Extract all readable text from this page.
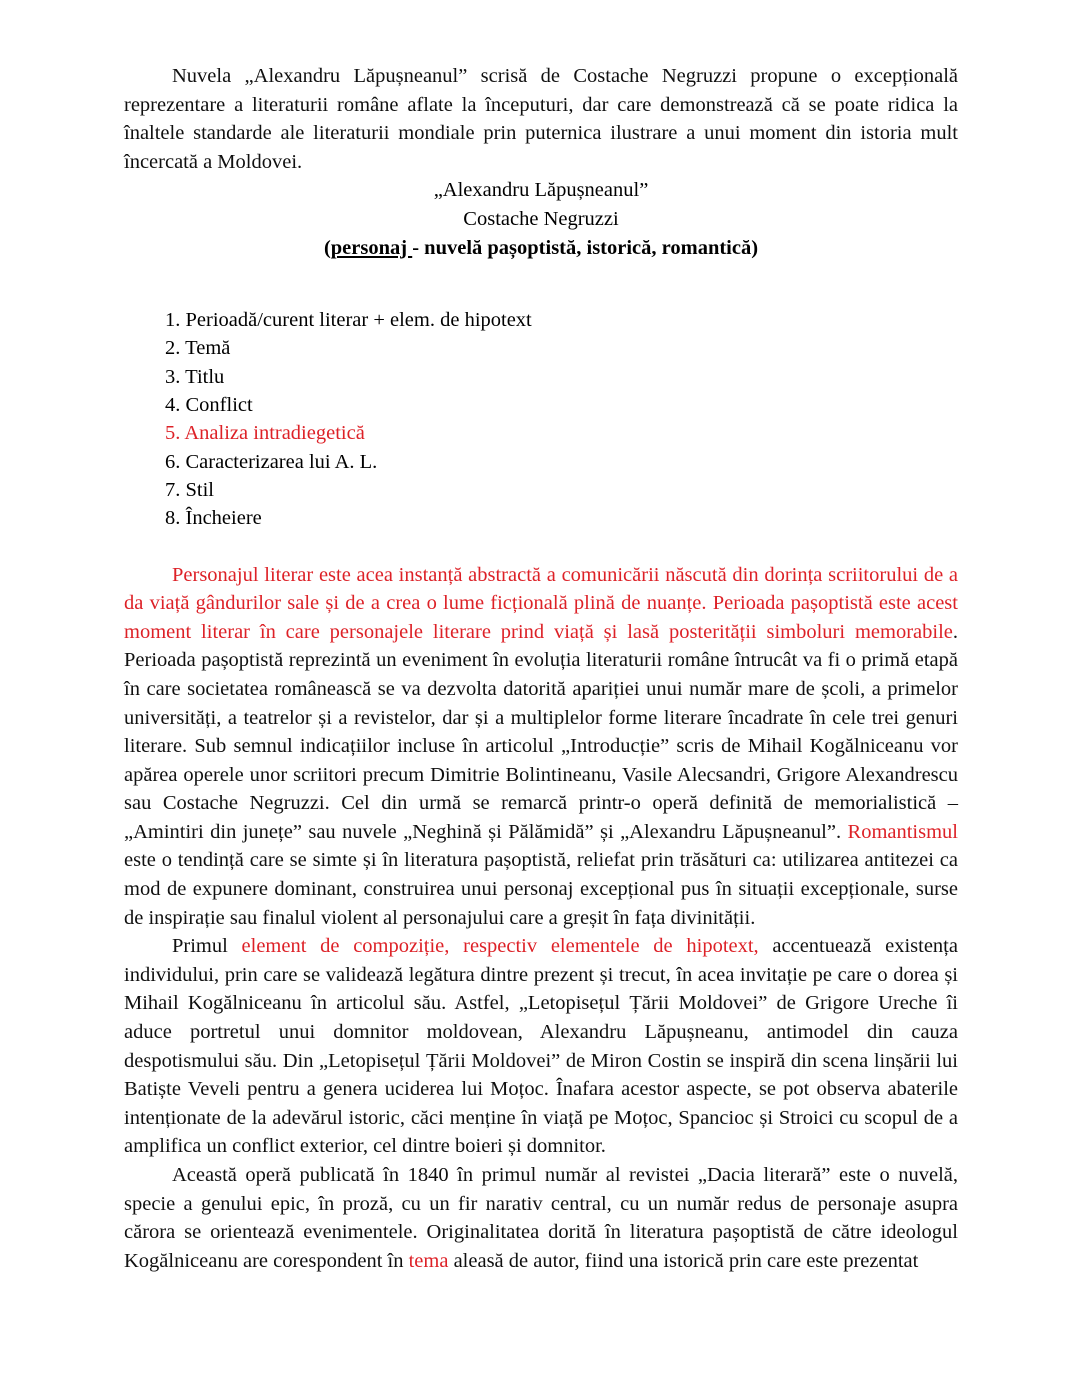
Nuvela „Alexandru Lăpușneanul” scrisă de Costache Negruzzi propune o excepțională reprezentare a literaturii române aflate la începuturi, dar care demonstrează că se poate ridica la înaltele standarde ale literaturii mondiale prin puternica ilustrare a unui moment din istoria mult încercată a Moldovei.

„Alexandru Lăpușneanul”
Costache Negruzzi
(personaj - nuvelă pașoptistă, istorică, romantică)
1. Perioadă/curent literar + elem. de hipotext
2. Temă
3. Titlu
4. Conflict
5. Analiza intradiegetică
6. Caracterizarea lui A. L.
7. Stil
8. Încheiere

Personajul literar este acea instanță abstractă a comunicării născută din dorința scriitorului de a da viață gândurilor sale și de a crea o lume ficțională plină de nuanțe. Perioada pașoptistă este acest moment literar în care personajele literare prind viață și lasă posterității simboluri memorabile. Perioada pașoptistă reprezintă un eveniment în evoluția literaturii române întrucât va fi o primă etapă în care societatea românească se va dezvolta datorită apariției unui număr mare de școli, a primelor universități, a teatrelor și a revistelor, dar și a multiplelor forme literare încadrate în cele trei genuri literare. Sub semnul indicațiilor incluse în articolul „Introducție” scris de Mihail Kogălniceanu vor apărea operele unor scriitori precum Dimitrie Bolintineanu, Vasile Alecsandri, Grigore Alexandrescu sau Costache Negruzzi. Cel din urmă se remarcă printr-o operă definită de memorialistică – „Amintiri din junețe” sau nuvele „Neghină și Pălămidă” și „Alexandru Lăpușneanul”. Romantismul este o tendință care se simte și în literatura pașoptistă, reliefat prin trăsături ca: utilizarea antitezei ca mod de expunere dominant, construirea unui personaj excepțional pus în situații excepționale, surse de inspirație sau finalul violent al personajului care a greșit în fața divinității.

Primul element de compoziție, respectiv elementele de hipotext, accentuează existența individului, prin care se validează legătura dintre prezent și trecut, în acea invitație pe care o dorea și Mihail Kogălniceanu în articolul său. Astfel, „Letopisețul Țării Moldovei” de Grigore Ureche îi aduce portretul unui domnitor moldovean, Alexandru Lăpușneanu, antimodel din cauza despotismului său. Din „Letopisețul Țării Moldovei” de Miron Costin se inspiră din scena linșării lui Batiște Veveli pentru a genera uciderea lui Moțoc. Înafara acestor aspecte, se pot observa abaterile intenționate de la adevărul istoric, căci menține în viață pe Moțoc, Spancioc și Stroici cu scopul de a amplifica un conflict exterior, cel dintre boieri și domnitor.

Această operă publicată în 1840 în primul număr al revistei „Dacia literară” este o nuvelă, specie a genului epic, în proză, cu un fir narativ central, cu un număr redus de personaje asupra cărora se orientează evenimentele. Originalitatea dorită în literatura pașoptistă de către ideologul Kogălniceanu are corespondent în tema aleasă de autor, fiind una istorică prin care este prezentat
